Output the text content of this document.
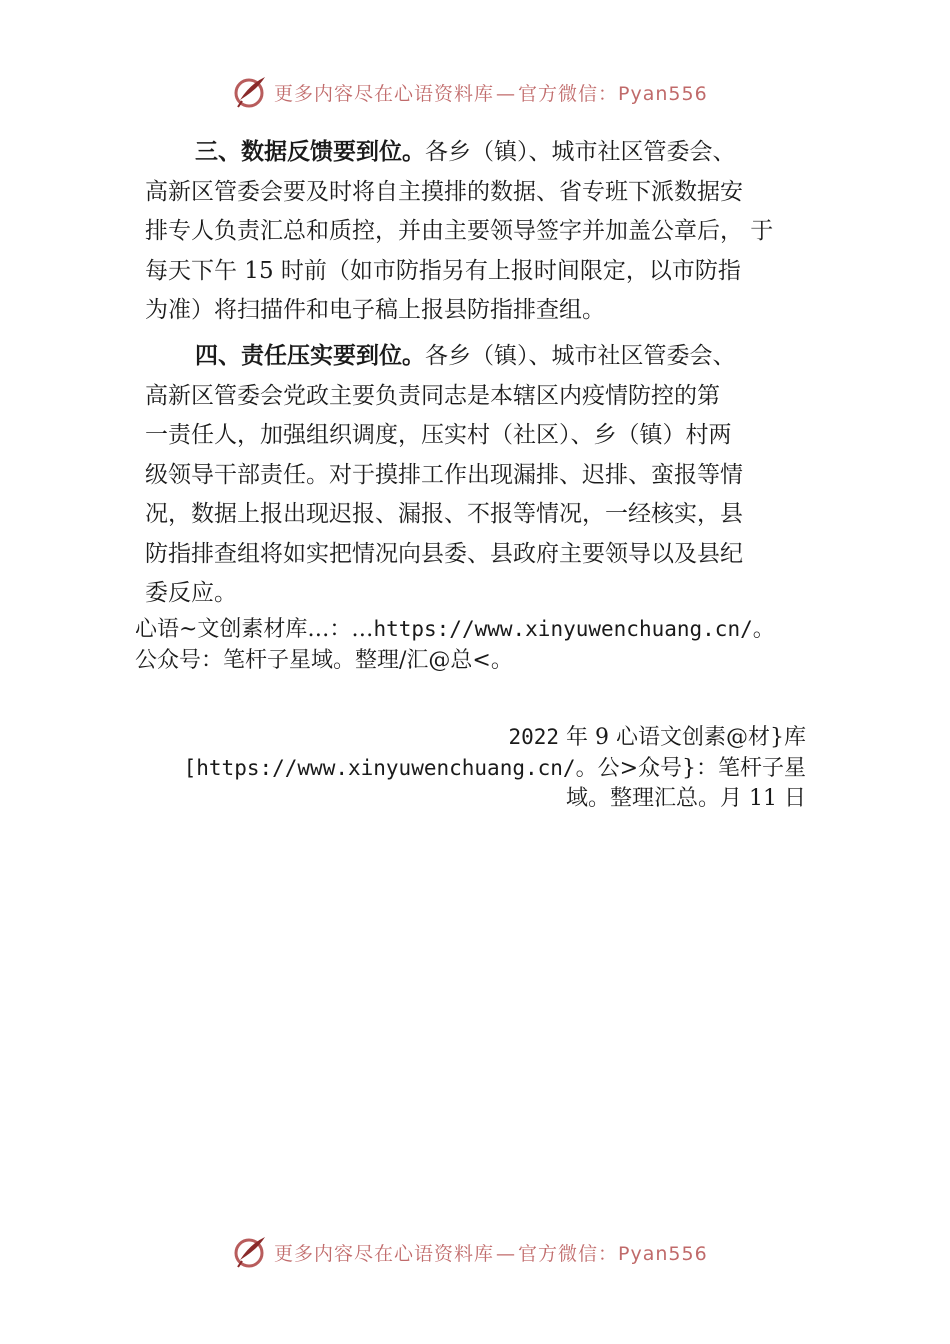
更多内容尽在心语资料库 — 官方微信：Pyan556
三、数据反馈要到位。各乡（镇）、城市社区管委会、
高新区管委会要及时将自主摸排的数据、省专班下派数据安
排专人负责汇总和质控，并由主要领导签字并加盖公章后， 于
每天下午 15 时前（如市防指另有上报时间限定，以市防指
为准）将扫描件和电子稿上报县防指排查组。
四、责任压实要到位。各乡（镇）、城市社区管委会、
高新区管委会党政主要负责同志是本辖区内疫情防控的第
一责任人，加强组织调度，压实村（社区）、乡（镇）村两
级领导干部责任。对于摸排工作出现漏排、迟排、蛮报等情
况，数据上报出现迟报、漏报、不报等情况，一经核实，县
防指排查组将如实把情况向县委、县政府主要领导以及县纪
委反应。
心语~文创素材库…：…https://www.xinyuwenchuang.cn/。
公众号：笔杆子星域。整理/汇@总<。
2022 年 9 心语文创素@材}库
[https://www.xinyuwenchuang.cn/。公>众号}：笔杆子星
域。整理汇总。月 11 日
更多内容尽在心语资料库 — 官方微信：Pyan556
